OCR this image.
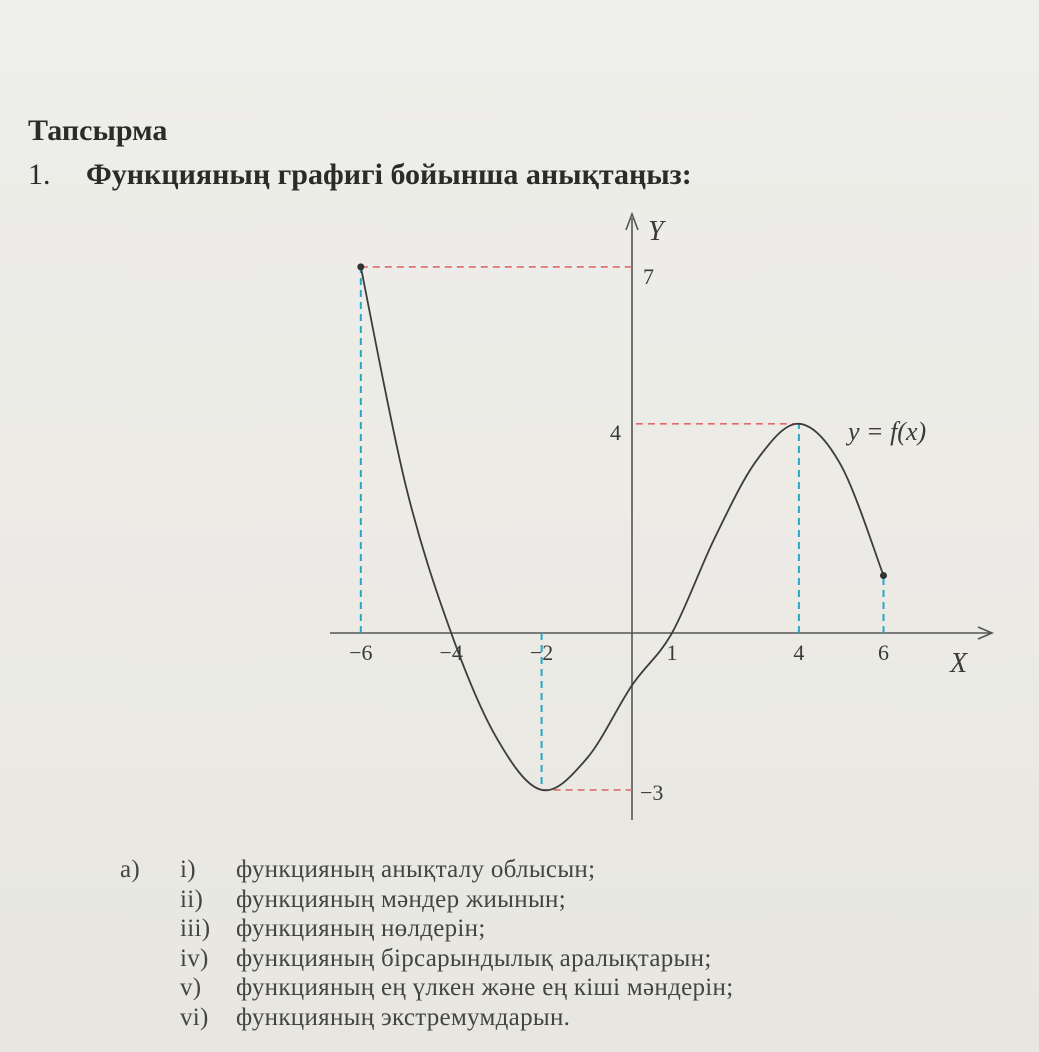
Тапсырма
1. Функцияның графигі бойынша анықтаңыз:
−6	−4	−2	1	4	6
7
4
−3
X
Y
y = f(x)
а)	i)	функцияның анықталу облысын;
ii)	функцияның мәндер жиынын;
iii)	функцияның нөлдерін;
iv)	функцияның бірсарындылық аралықтарын;
v)	функцияның ең үлкен және ең кіші мәндерін;
vi)	функцияның экстремумдарын.
